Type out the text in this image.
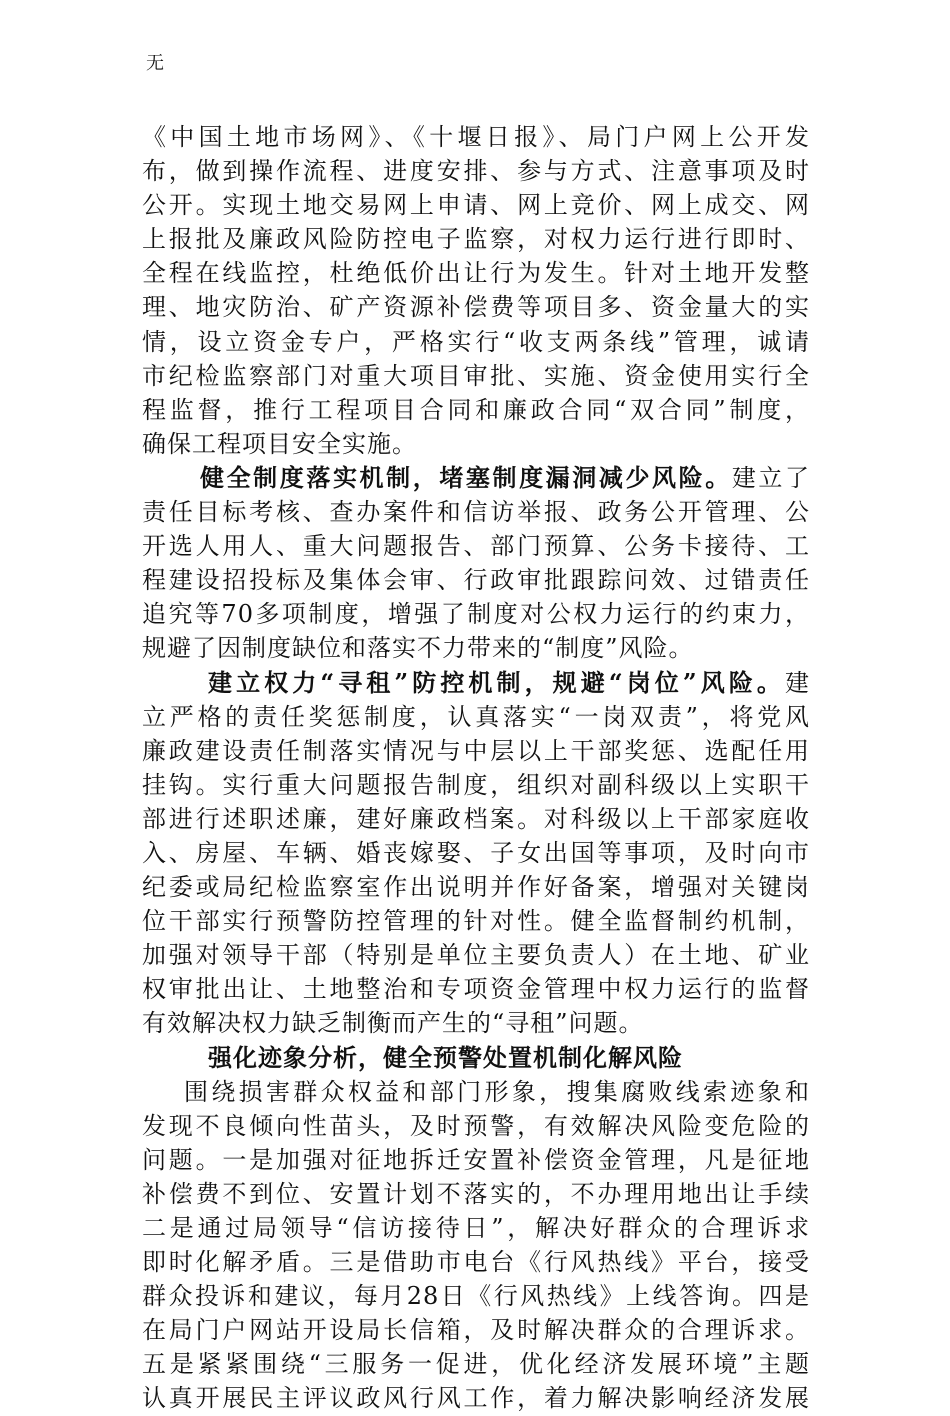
无

《中国土地市场网》、《十堰日报》、局门户网上公开发
布，做到操作流程、进度安排、参与方式、注意事项及时
公开。实现土地交易网上申请、网上竞价、网上成交、网
上报批及廉政风险防控电子监察，对权力运行进行即时、
全程在线监控，杜绝低价出让行为发生。针对土地开发整
理、地灾防治、矿产资源补偿费等项目多、资金量大的实
情，设立资金专户，严格实行“收支两条线”管理，诚请
市纪检监察部门对重大项目审批、实施、资金使用实行全
程监督，推行工程项目合同和廉政合同“双合同”制度，
确保工程项目安全实施。
健全制度落实机制，堵塞制度漏洞减少风险。建立了
责任目标考核、查办案件和信访举报、政务公开管理、公
开选人用人、重大问题报告、部门预算、公务卡接待、工
程建设招投标及集体会审、行政审批跟踪问效、过错责任
追究等70多项制度，增强了制度对公权力运行的约束力，
规避了因制度缺位和落实不力带来的“制度”风险。
建立权力“寻租”防控机制，规避“岗位”风险。建
立严格的责任奖惩制度，认真落实“一岗双责”，将党风
廉政建设责任制落实情况与中层以上干部奖惩、选配任用
挂钩。实行重大问题报告制度，组织对副科级以上实职干
部进行述职述廉，建好廉政档案。对科级以上干部家庭收
入、房屋、车辆、婚丧嫁娶、子女出国等事项，及时向市
纪委或局纪检监察室作出说明并作好备案，增强对关键岗
位干部实行预警防控管理的针对性。健全监督制约机制，
加强对领导干部（特别是单位主要负责人）在土地、矿业
权审批出让、土地整治和专项资金管理中权力运行的监督
有效解决权力缺乏制衡而产生的“寻租”问题。
强化迹象分析，健全预警处置机制化解风险
围绕损害群众权益和部门形象，搜集腐败线索迹象和
发现不良倾向性苗头，及时预警，有效解决风险变危险的
问题。一是加强对征地拆迁安置补偿资金管理，凡是征地
补偿费不到位、安置计划不落实的，不办理用地出让手续
二是通过局领导“信访接待日”，解决好群众的合理诉求
即时化解矛盾。三是借助市电台《行风热线》平台，接受
群众投诉和建议，每月28日《行风热线》上线答询。四是
在局门户网站开设局长信箱，及时解决群众的合理诉求。
五是紧紧围绕“三服务一促进，优化经济发展环境”主题
认真开展民主评议政风行风工作，着力解决影响经济发展
